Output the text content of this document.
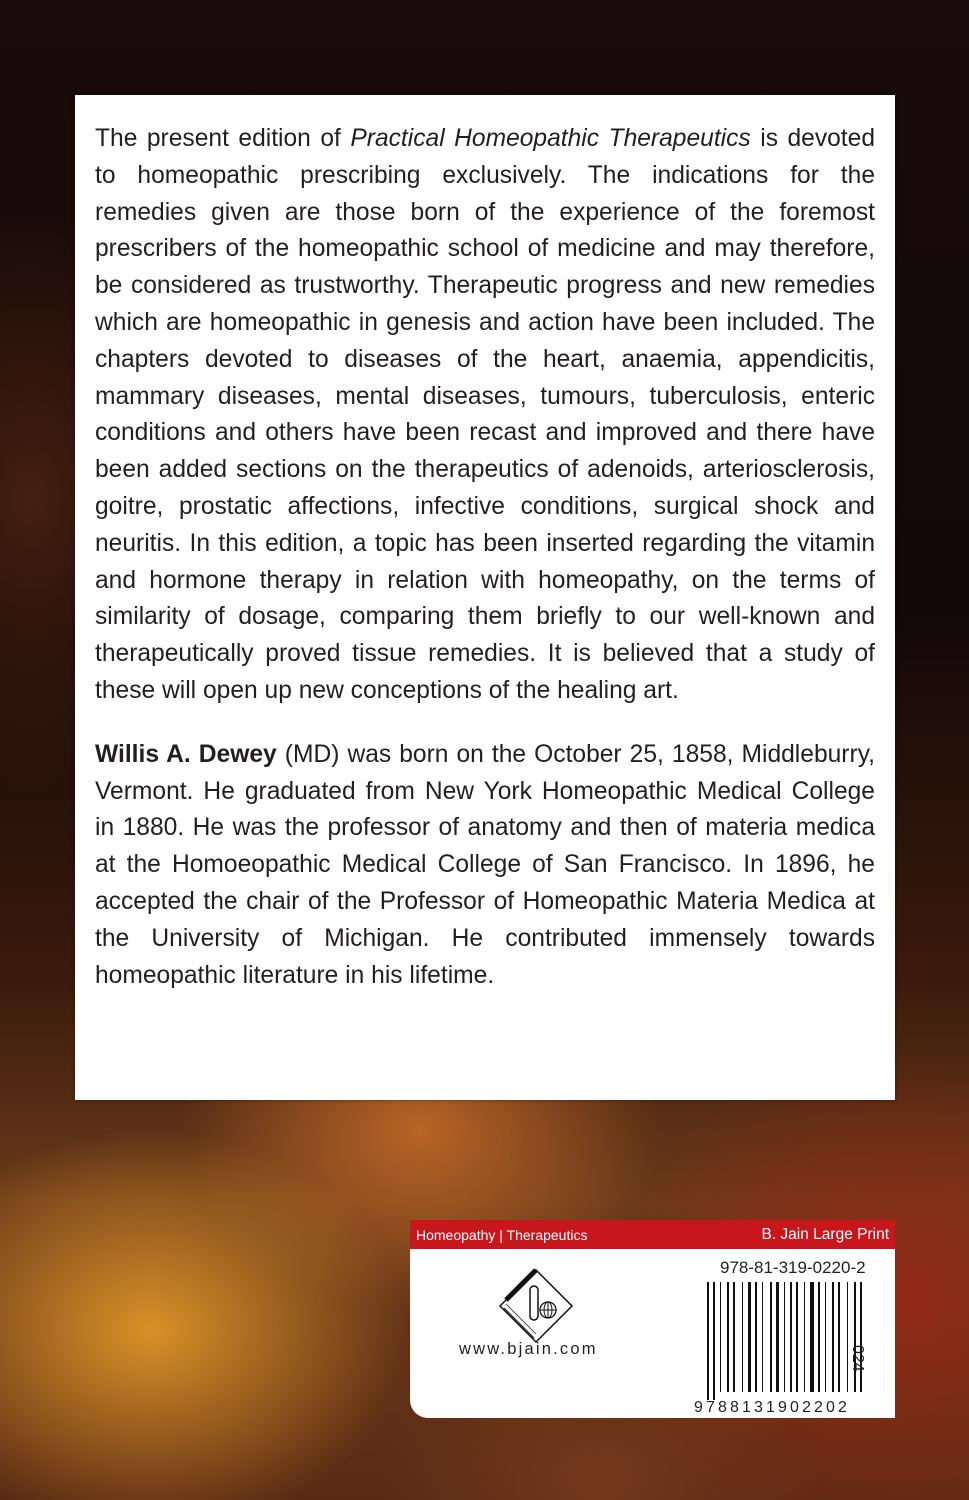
The present edition of Practical Homeopathic Therapeutics is devoted to homeopathic prescribing exclusively. The indications for the remedies given are those born of the experience of the foremost prescribers of the homeopathic school of medicine and may therefore, be considered as trustworthy. Therapeutic progress and new remedies which are homeopathic in genesis and action have been included. The chapters devoted to diseases of the heart, anaemia, appendicitis, mammary diseases, mental diseases, tumours, tuberculosis, enteric conditions and others have been recast and improved and there have been added sections on the therapeutics of adenoids, arteriosclerosis, goitre, prostatic affections, infective conditions, surgical shock and neuritis. In this edition, a topic has been inserted regarding the vitamin and hormone therapy in relation with homeopathy, on the terms of similarity of dosage, comparing them briefly to our well-known and therapeutically proved tissue remedies. It is believed that a study of these will open up new conceptions of the healing art.

Willis A. Dewey (MD) was born on the October 25, 1858, Middleburry, Vermont. He graduated from New York Homeopathic Medical College in 1880. He was the professor of anatomy and then of materia medica at the Homoeopathic Medical College of San Francisco. In 1896, he accepted the chair of the Professor of Homeopathic Materia Medica at the University of Michigan. He contributed immensely towards homeopathic literature in his lifetime.

Homeopathy | Therapeutics	B. Jain Large Print
www.bjain.com
978-81-319-0220-2
9788131902202
024
